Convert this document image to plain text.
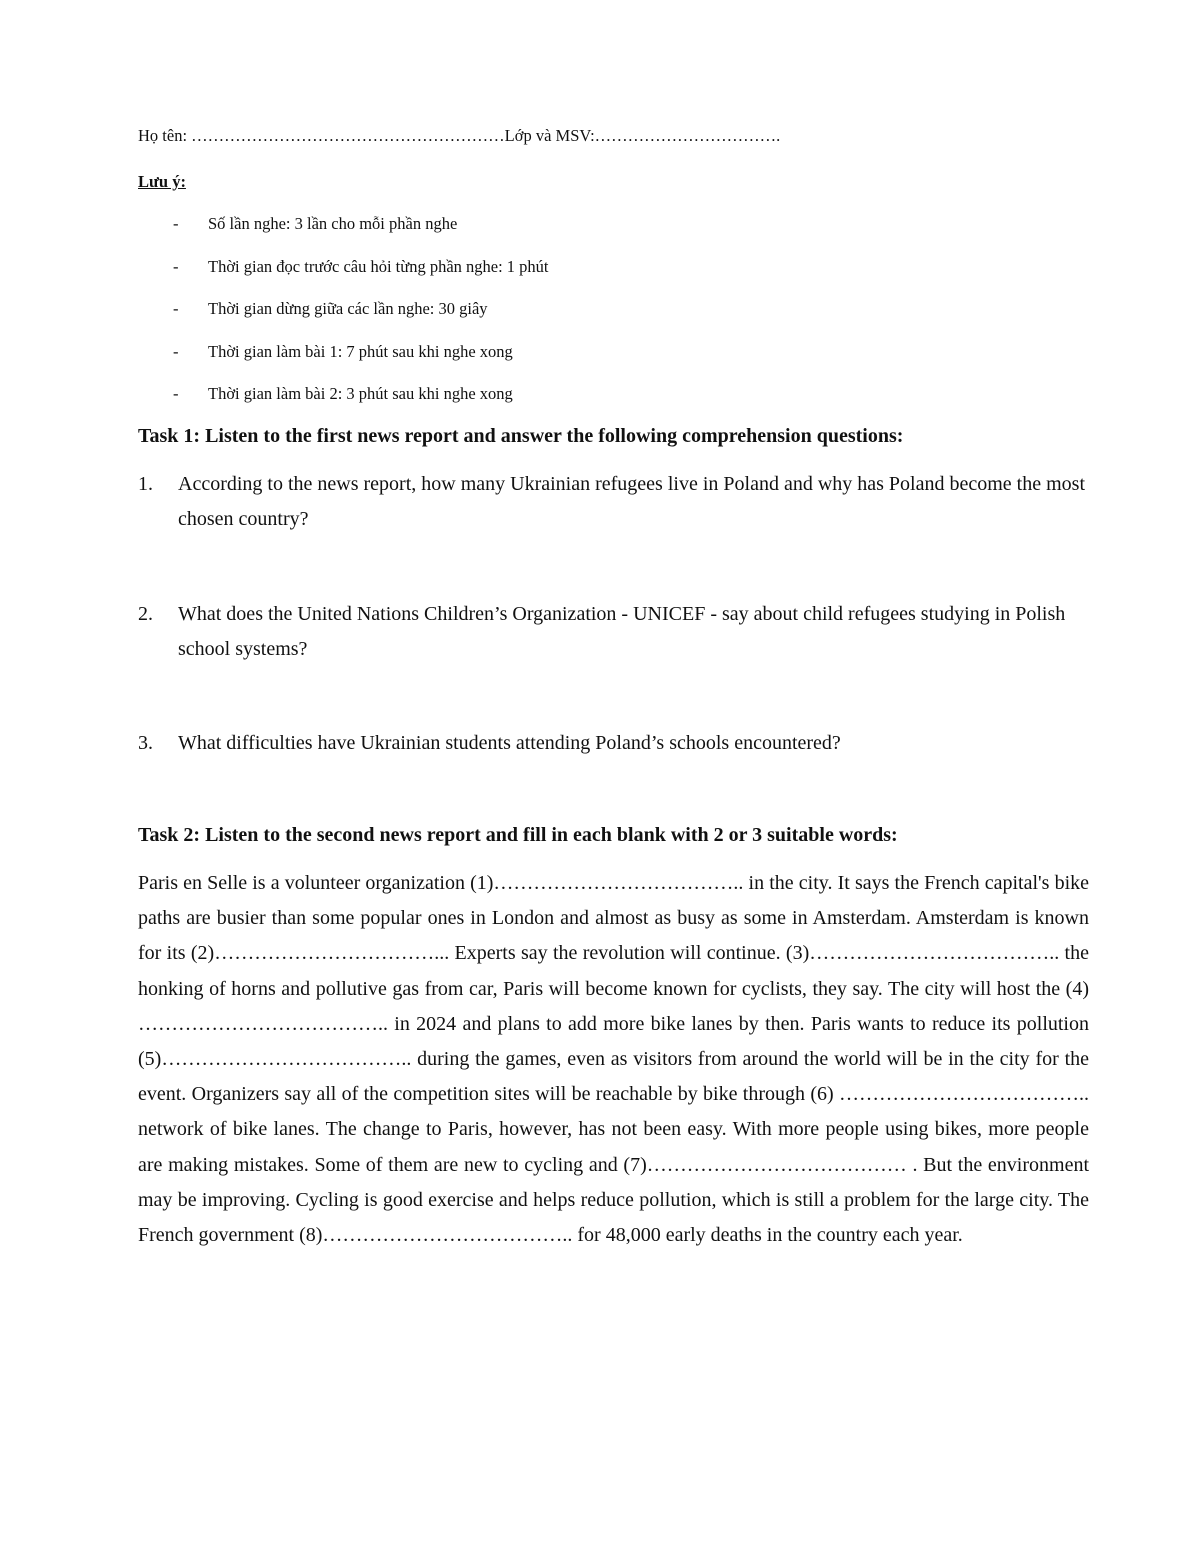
Họ tên: …………………………………………………Lớp và MSV:…………………………….
Lưu ý:
- Số lần nghe: 3 lần cho mỗi phần nghe
- Thời gian đọc trước câu hỏi từng phần nghe: 1 phút
- Thời gian dừng giữa các lần nghe: 30 giây
- Thời gian làm bài 1: 7 phút sau khi nghe xong
- Thời gian làm bài 2: 3 phút sau khi nghe xong
Task 1: Listen to the first news report and answer the following comprehension questions:
1. According to the news report, how many Ukrainian refugees live in Poland and why has Poland become the most chosen country?
2. What does the United Nations Children’s Organization - UNICEF - say about child refugees studying in Polish school systems?
3. What difficulties have Ukrainian students attending Poland’s schools encountered?
Task 2: Listen to the second news report and fill in each blank with 2 or 3 suitable words:

Paris en Selle is a volunteer organization (1)……………………………….. in the city. It says the French capital's bike paths are busier than some popular ones in London and almost as busy as some in Amsterdam. Amsterdam is known for its (2)……………………………... Experts say the revolution will continue. (3)……………………………….. the honking of horns and pollutive gas from car, Paris will become known for cyclists, they say. The city will host the (4) ……………………………….. in 2024 and plans to add more bike lanes by then. Paris wants to reduce its pollution (5)……………………………….. during the games, even as visitors from around the world will be in the city for the event. Organizers say all of the competition sites will be reachable by bike through (6) ……………………………….. network of bike lanes. The change to Paris, however, has not been easy. With more people using bikes, more people are making mistakes. Some of them are new to cycling and (7)………………………………… . But the environment may be improving. Cycling is good exercise and helps reduce pollution, which is still a problem for the large city. The French government (8)……………………………….. for 48,000 early deaths in the country each year.
